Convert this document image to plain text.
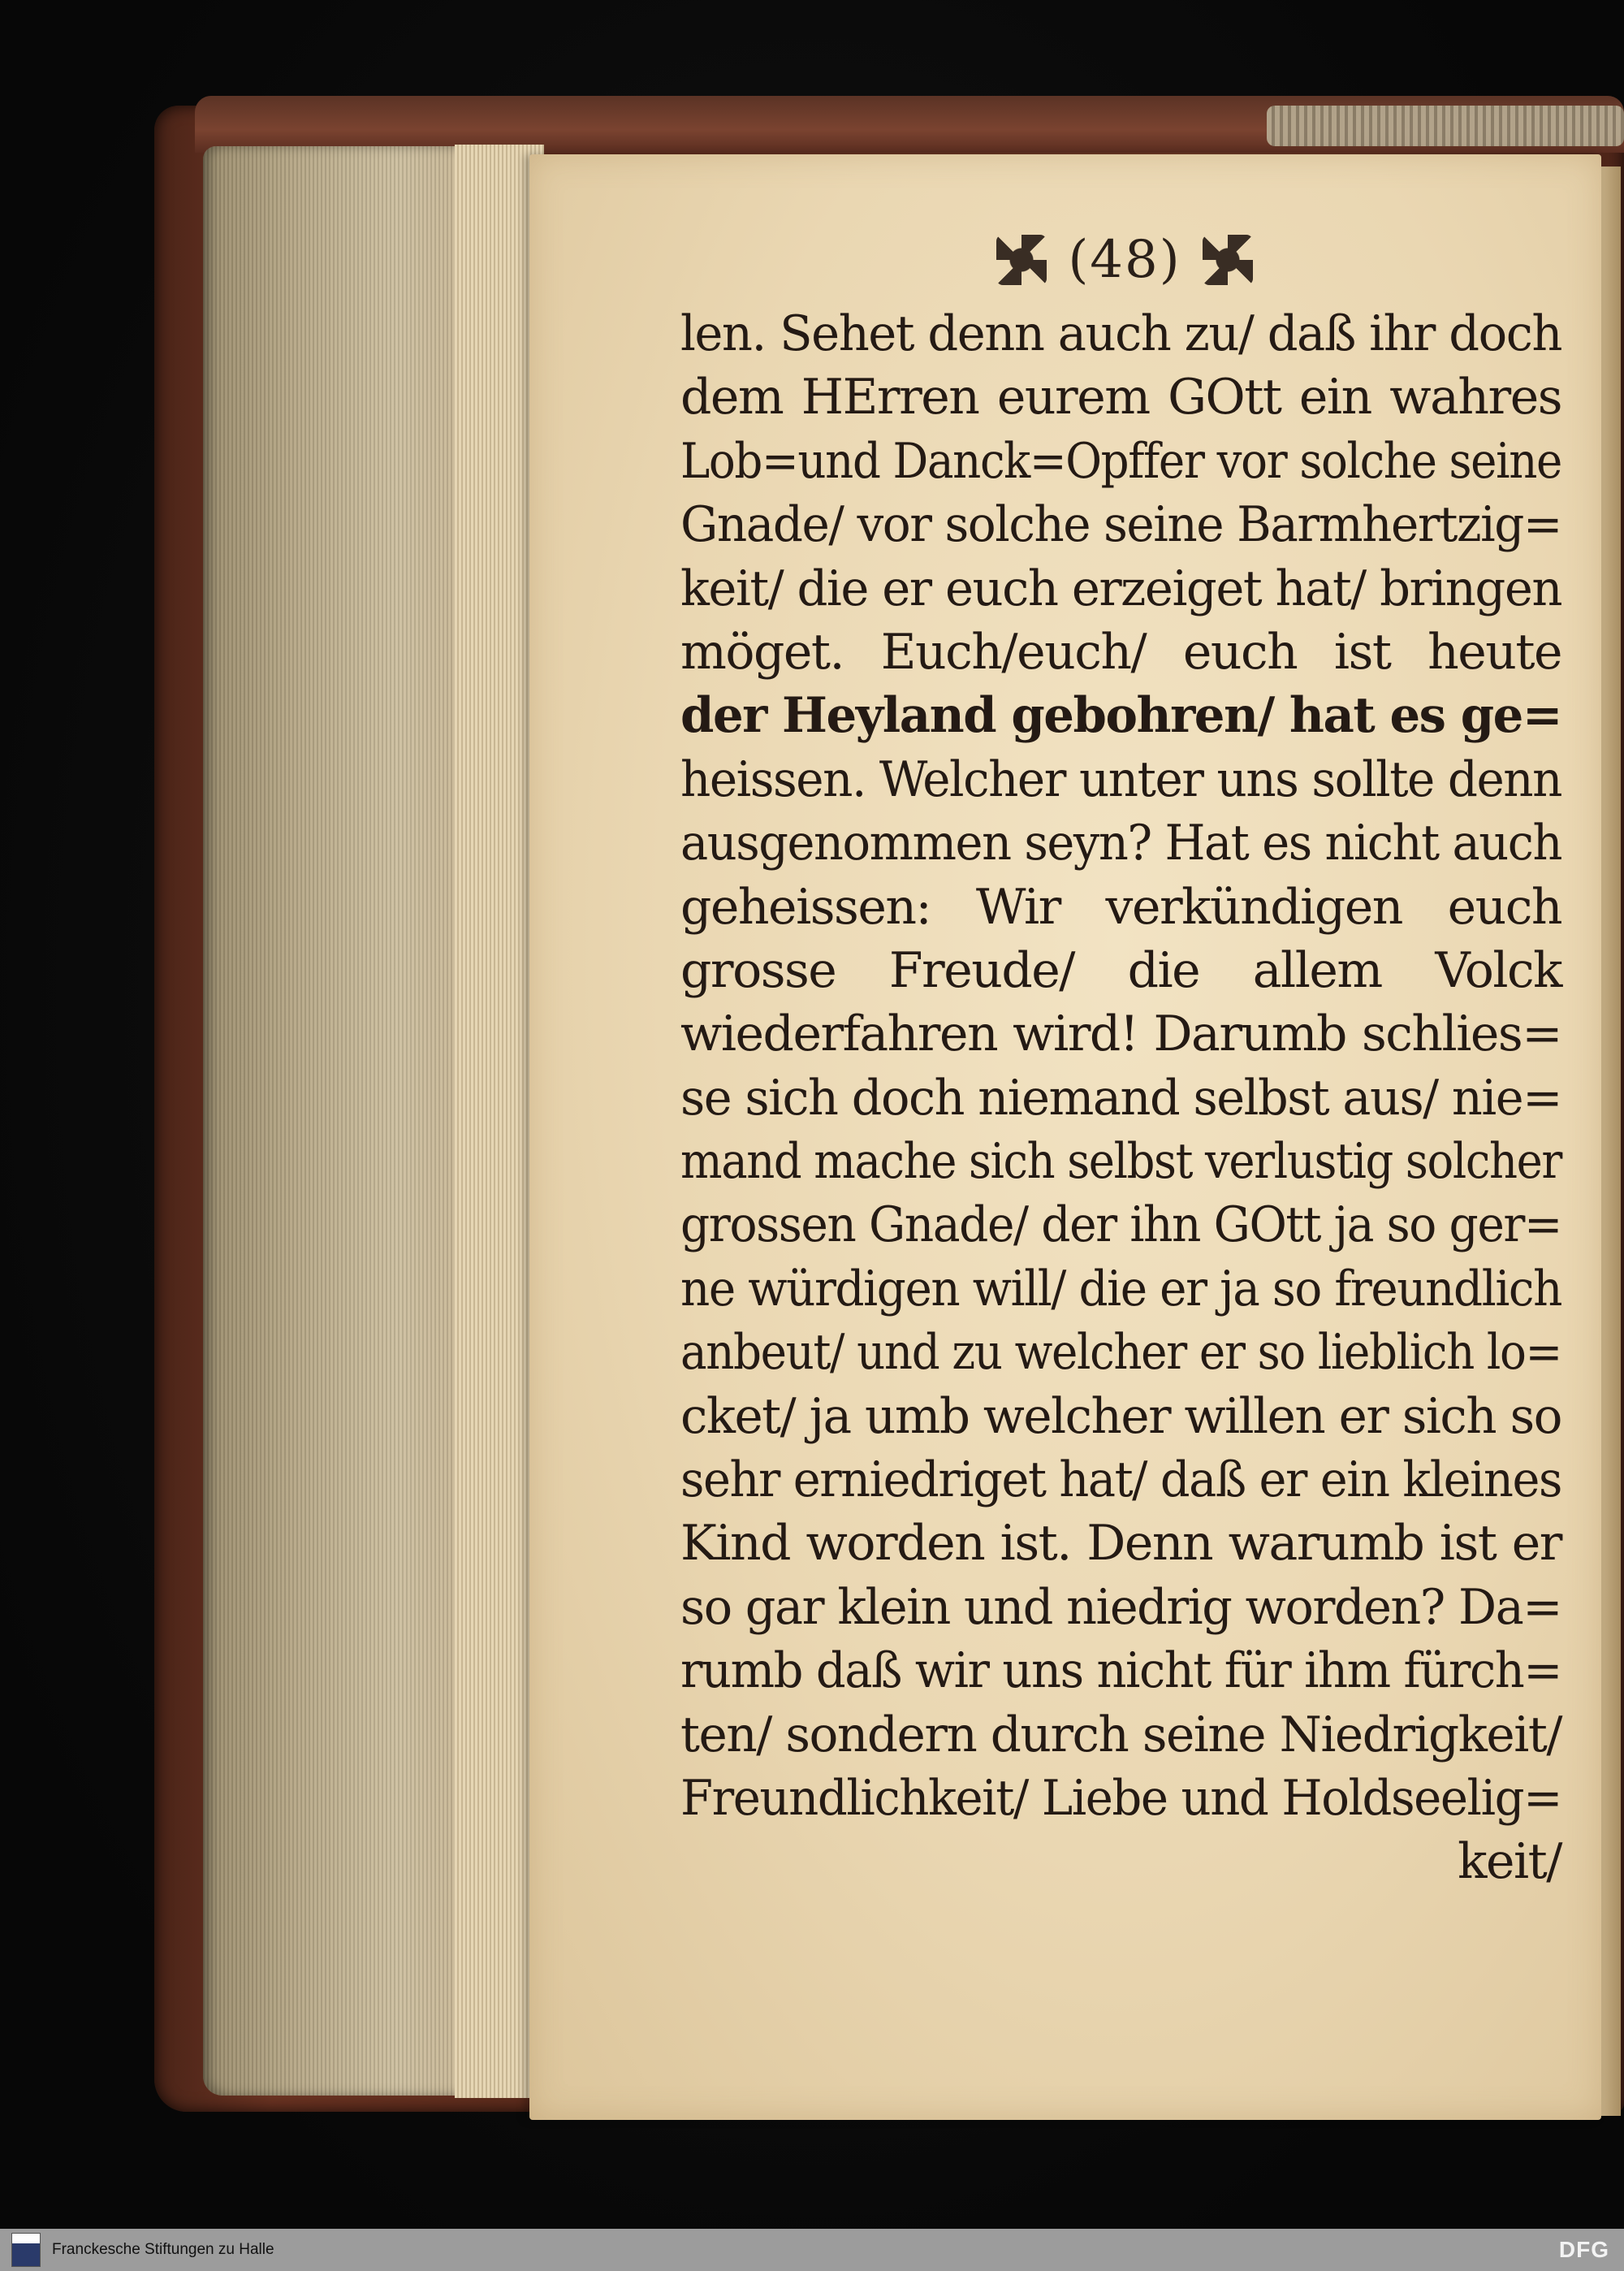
(48)
len. Sehet denn auch zu/ daß ihr doch
dem HErren eurem GOtt ein wahres
Lob=und Danck=Opffer vor solche seine
Gnade/ vor solche seine Barmhertzig=
keit/ die er euch erzeiget hat/ bringen
möget. Euch/euch/ euch ist heute
der Heyland gebohren/ hat es ge=
heissen. Welcher unter uns sollte denn
ausgenommen seyn? Hat es nicht auch
geheissen: Wir verkündigen euch
grosse Freude/ die allem Volck
wiederfahren wird! Darumb schlies=
se sich doch niemand selbst aus/ nie=
mand mache sich selbst verlustig solcher
grossen Gnade/ der ihn GOtt ja so ger=
ne würdigen will/ die er ja so freundlich
anbeut/ und zu welcher er so lieblich lo=
cket/ ja umb welcher willen er sich so
sehr erniedriget hat/ daß er ein kleines
Kind worden ist. Denn warumb ist er
so gar klein und niedrig worden? Da=
rumb daß wir uns nicht für ihm fürch=
ten/ sondern durch seine Niedrigkeit/
Freundlichkeit/ Liebe und Holdseelig=
keit/
Franckesche Stiftungen zu Halle	DFG
